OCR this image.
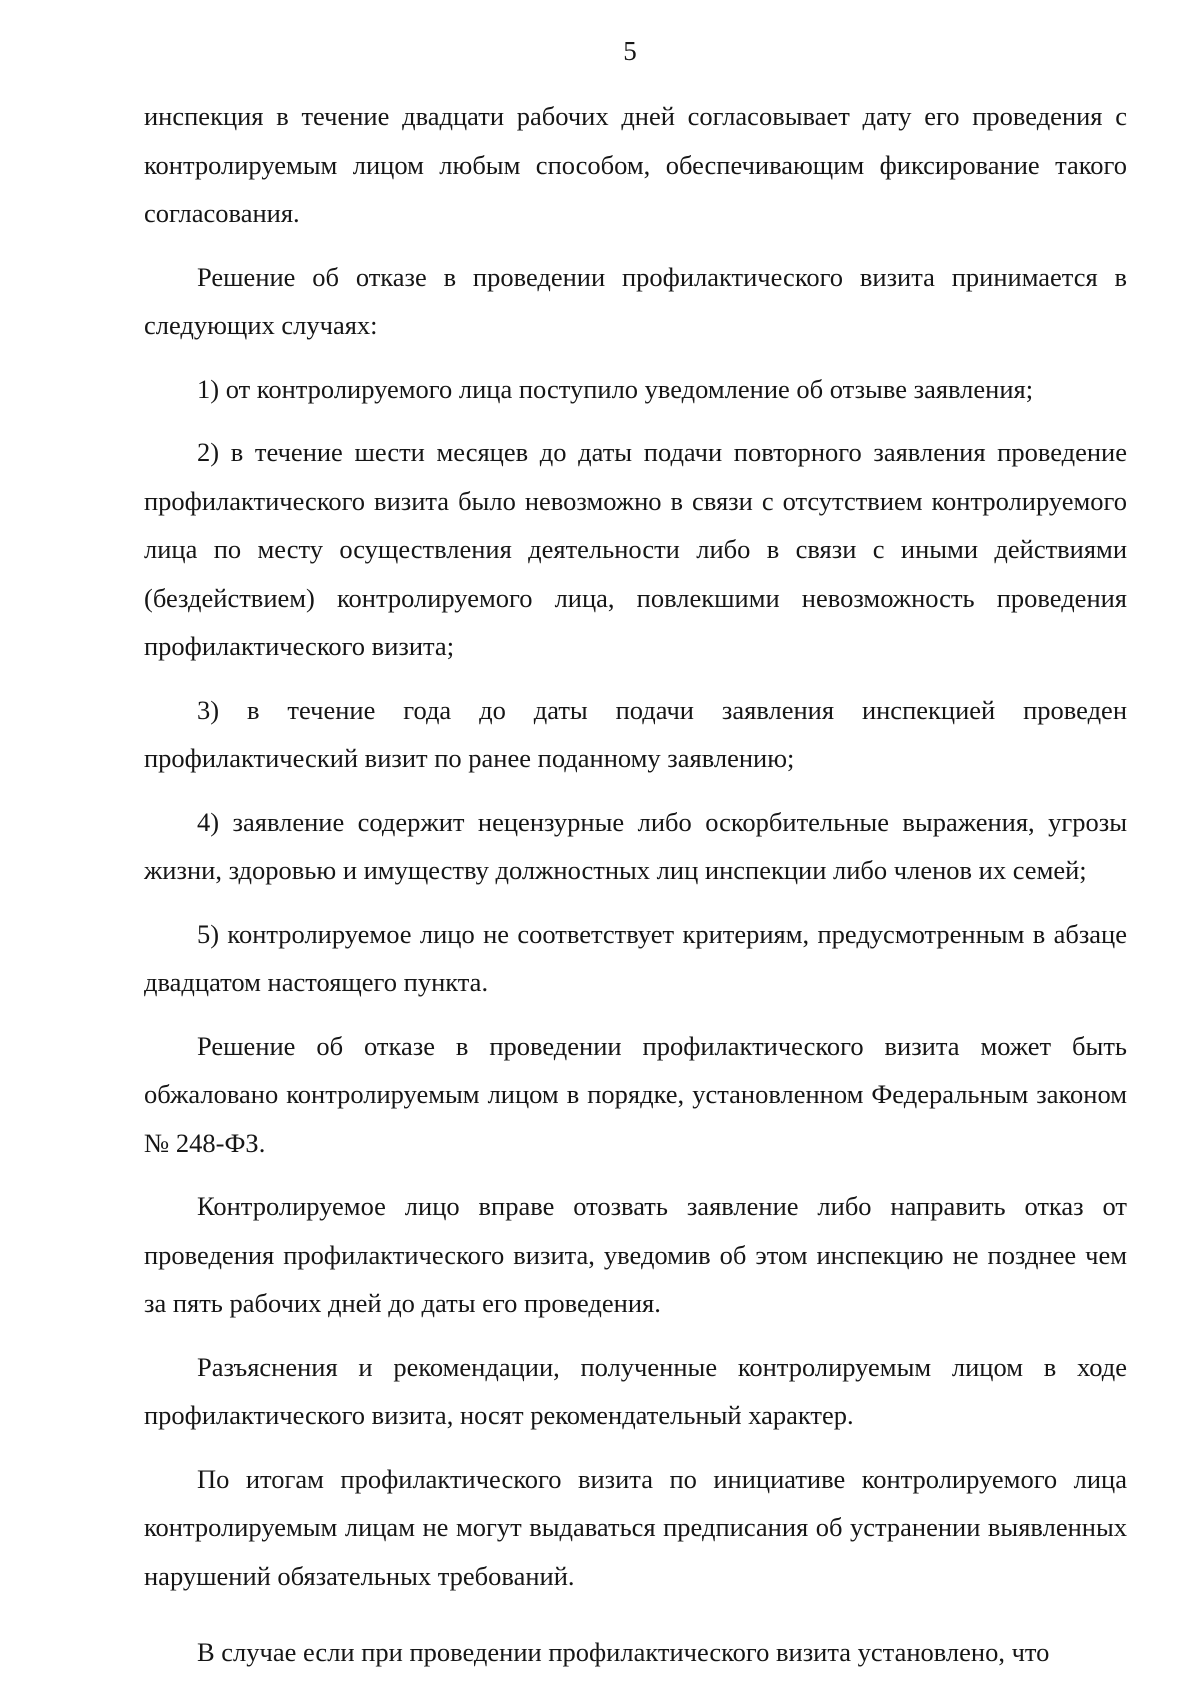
5

инспекция в течение двадцати рабочих дней согласовывает дату его проведения с контролируемым лицом любым способом, обеспечивающим фиксирование такого согласования.

Решение об отказе в проведении профилактического визита принимается в следующих случаях:

1) от контролируемого лица поступило уведомление об отзыве заявления;

2) в течение шести месяцев до даты подачи повторного заявления проведение профилактического визита было невозможно в связи с отсутствием контролируемого лица по месту осуществления деятельности либо в связи с иными действиями (бездействием) контролируемого лица, повлекшими невозможность проведения профилактического визита;

3) в течение года до даты подачи заявления инспекцией проведен профилактический визит по ранее поданному заявлению;

4) заявление содержит нецензурные либо оскорбительные выражения, угрозы жизни, здоровью и имуществу должностных лиц инспекции либо членов их семей;

5) контролируемое лицо не соответствует критериям, предусмотренным в абзаце двадцатом настоящего пункта.

Решение об отказе в проведении профилактического визита может быть обжаловано контролируемым лицом в порядке, установленном Федеральным законом № 248-ФЗ.

Контролируемое лицо вправе отозвать заявление либо направить отказ от проведения профилактического визита, уведомив об этом инспекцию не позднее чем за пять рабочих дней до даты его проведения.

Разъяснения и рекомендации, полученные контролируемым лицом в ходе профилактического визита, носят рекомендательный характер.

По итогам профилактического визита по инициативе контролируемого лица контролируемым лицам не могут выдаваться предписания об устранении выявленных нарушений обязательных требований.

В случае если при проведении профилактического визита установлено, что
